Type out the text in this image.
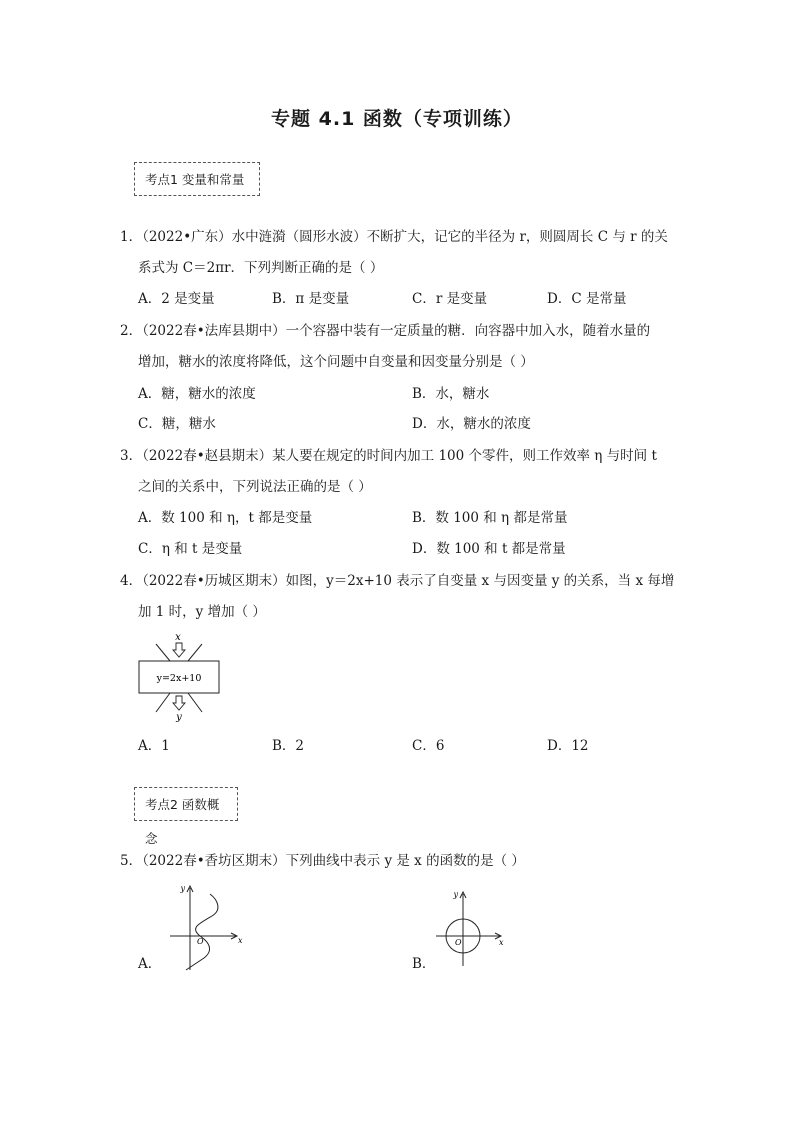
专题 4.1 函数（专项训练）
考点1 变量和常量
1．（2022•广东）水中涟漪（圆形水波）不断扩大，记它的半径为 r，则圆周长 C 与 r 的关
系式为 C＝2πr．下列判断正确的是（ ）
A．2 是变量	B．π 是变量	C．r 是变量	D．C 是常量
2．（2022春•法库县期中）一个容器中装有一定质量的糖．向容器中加入水，随着水量的
增加，糖水的浓度将降低，这个问题中自变量和因变量分别是（ ）
A．糖，糖水的浓度	B．水，糖水
C．糖，糖水	D．水，糖水的浓度
3．（2022春•赵县期末）某人要在规定的时间内加工 100 个零件，则工作效率 η 与时间 t
之间的关系中，下列说法正确的是（ ）
A．数 100 和 η，t 都是变量	B．数 100 和 η 都是常量
C．η 和 t 是变量	D．数 100 和 t 都是常量
4．（2022春•历城区期末）如图，y＝2x+10 表示了自变量 x 与因变量 y 的关系，当 x 每增
加 1 时，y 增加（ ）
x
y=2x+10
y
A．1	B．2	C．6	D．12
考点2 函数概念
5．（2022春•香坊区期末）下列曲线中表示 y 是 x 的函数的是（ ）
y
x
O
A．
y
x
O
B．
